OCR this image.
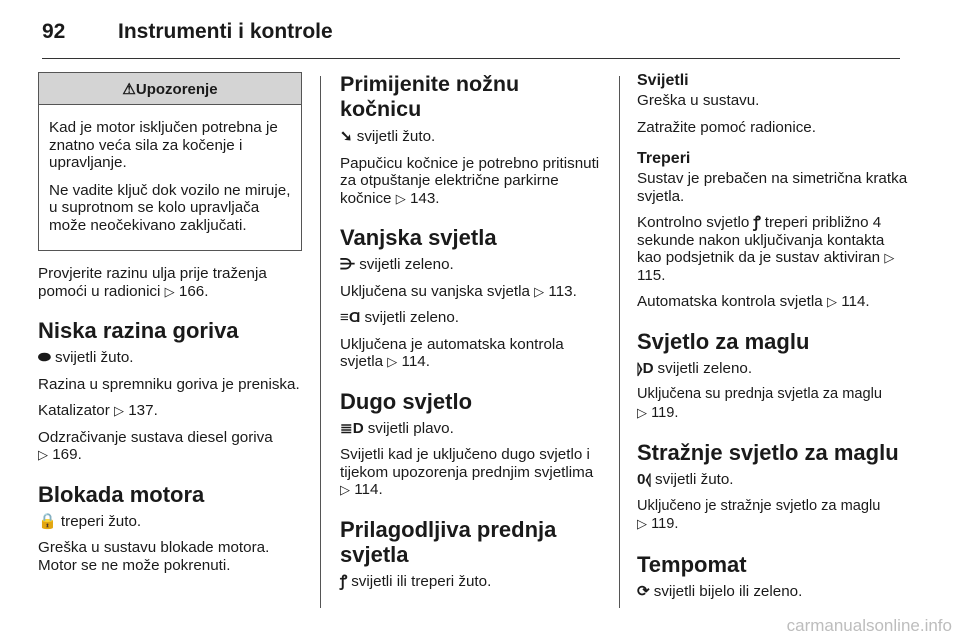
92	Instrumenti i kontrole
⚠Upozorenje

Kad je motor isključen potrebna je znatno veća sila za kočenje i upravljanje.

Ne vadite ključ dok vozilo ne miruje, u suprotnom se kolo upravljača može neočekivano zaključati.

Provjerite razinu ulja prije traženja pomoći u radionici ▷ 166.

Niska razina goriva

⬬ svijetli žuto.

Razina u spremniku goriva je preniska.

Katalizator ▷ 137.

Odzračivanje sustava diesel goriva
▷ 169.

Blokada motora

🔒 treperi žuto.

Greška u sustavu blokade motora. Motor se ne može pokrenuti.

Primijenite nožnu kočnicu

➘ svijetli žuto.

Papučicu kočnice je potrebno pritisnuti za otpuštanje električne parkirne kočnice ▷ 143.

Vanjska svjetla

⋺ svijetli zeleno.

Uključena su vanjska svjetla ▷ 113.

≡Ɑ svijetli zeleno.

Uključena je automatska kontrola svjetla ▷ 114.

Dugo svjetlo

≣D svijetli plavo.

Svijetli kad je uključeno dugo svjetlo i tijekom upozorenja prednjim svjetlima ▷ 114.

Prilagodljiva prednja svjetla

ꝭ svijetli ili treperi žuto.

Svijetli

Greška u sustavu.

Zatražite pomoć radionice.

Treperi

Sustav je prebačen na simetrična kratka svjetla.

Kontrolno svjetlo ꝭ treperi približno 4 sekunde nakon uključivanja kontakta kao podsjetnik da je sustav aktiviran ▷ 115.

Automatska kontrola svjetla ▷ 114.

Svjetlo za maglu

⦊D svijetli zeleno.

Uključena su prednja svjetla za maglu
▷ 119.

Stražnje svjetlo za maglu

0⦉ svijetli žuto.

Uključeno je stražnje svjetlo za maglu
▷ 119.

Tempomat

⟳ svijetli bijelo ili zeleno.

carmanualsonline.info
